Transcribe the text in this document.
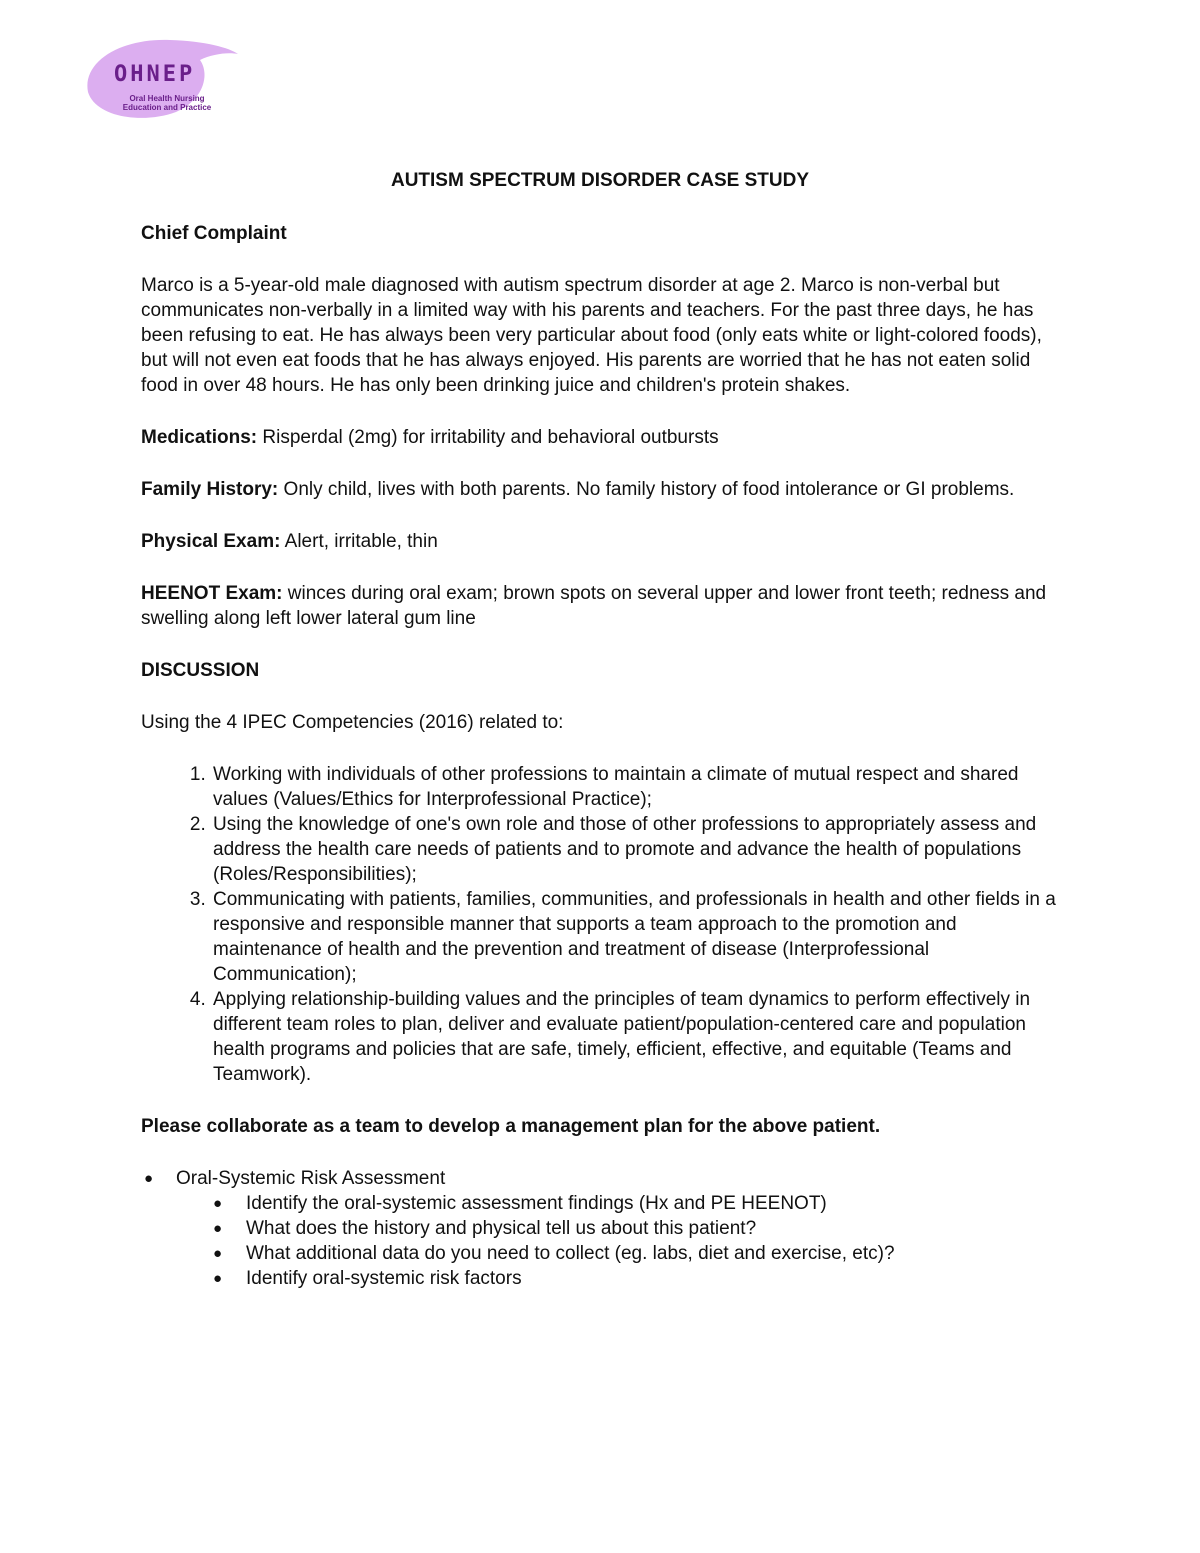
OHNEP
Oral Health Nursing Education and Practice
AUTISM SPECTRUM DISORDER CASE STUDY
Chief Complaint

Marco is a 5-year-old male diagnosed with autism spectrum disorder at age 2. Marco is non-verbal but communicates non-verbally in a limited way with his parents and teachers. For the past three days, he has been refusing to eat. He has always been very particular about food (only eats white or light-colored foods), but will not even eat foods that he has always enjoyed. His parents are worried that he has not eaten solid food in over 48 hours. He has only been drinking juice and children's protein shakes.

Medications: Risperdal (2mg) for irritability and behavioral outbursts

Family History: Only child, lives with both parents. No family history of food intolerance or GI problems.

Physical Exam: Alert, irritable, thin

HEENOT Exam: winces during oral exam; brown spots on several upper and lower front teeth; redness and swelling along left lower lateral gum line

DISCUSSION

Using the 4 IPEC Competencies (2016) related to:

1. Working with individuals of other professions to maintain a climate of mutual respect and shared values (Values/Ethics for Interprofessional Practice);
2. Using the knowledge of one's own role and those of other professions to appropriately assess and address the health care needs of patients and to promote and advance the health of populations (Roles/Responsibilities);
3. Communicating with patients, families, communities, and professionals in health and other fields in a responsive and responsible manner that supports a team approach to the promotion and maintenance of health and the prevention and treatment of disease (Interprofessional Communication);
4. Applying relationship-building values and the principles of team dynamics to perform effectively in different team roles to plan, deliver and evaluate patient/population-centered care and population health programs and policies that are safe, timely, efficient, effective, and equitable (Teams and Teamwork).

Please collaborate as a team to develop a management plan for the above patient.

● Oral-Systemic Risk Assessment
● Identify the oral-systemic assessment findings (Hx and PE HEENOT)
● What does the history and physical tell us about this patient?
● What additional data do you need to collect (eg. labs, diet and exercise, etc)?
● Identify oral-systemic risk factors
